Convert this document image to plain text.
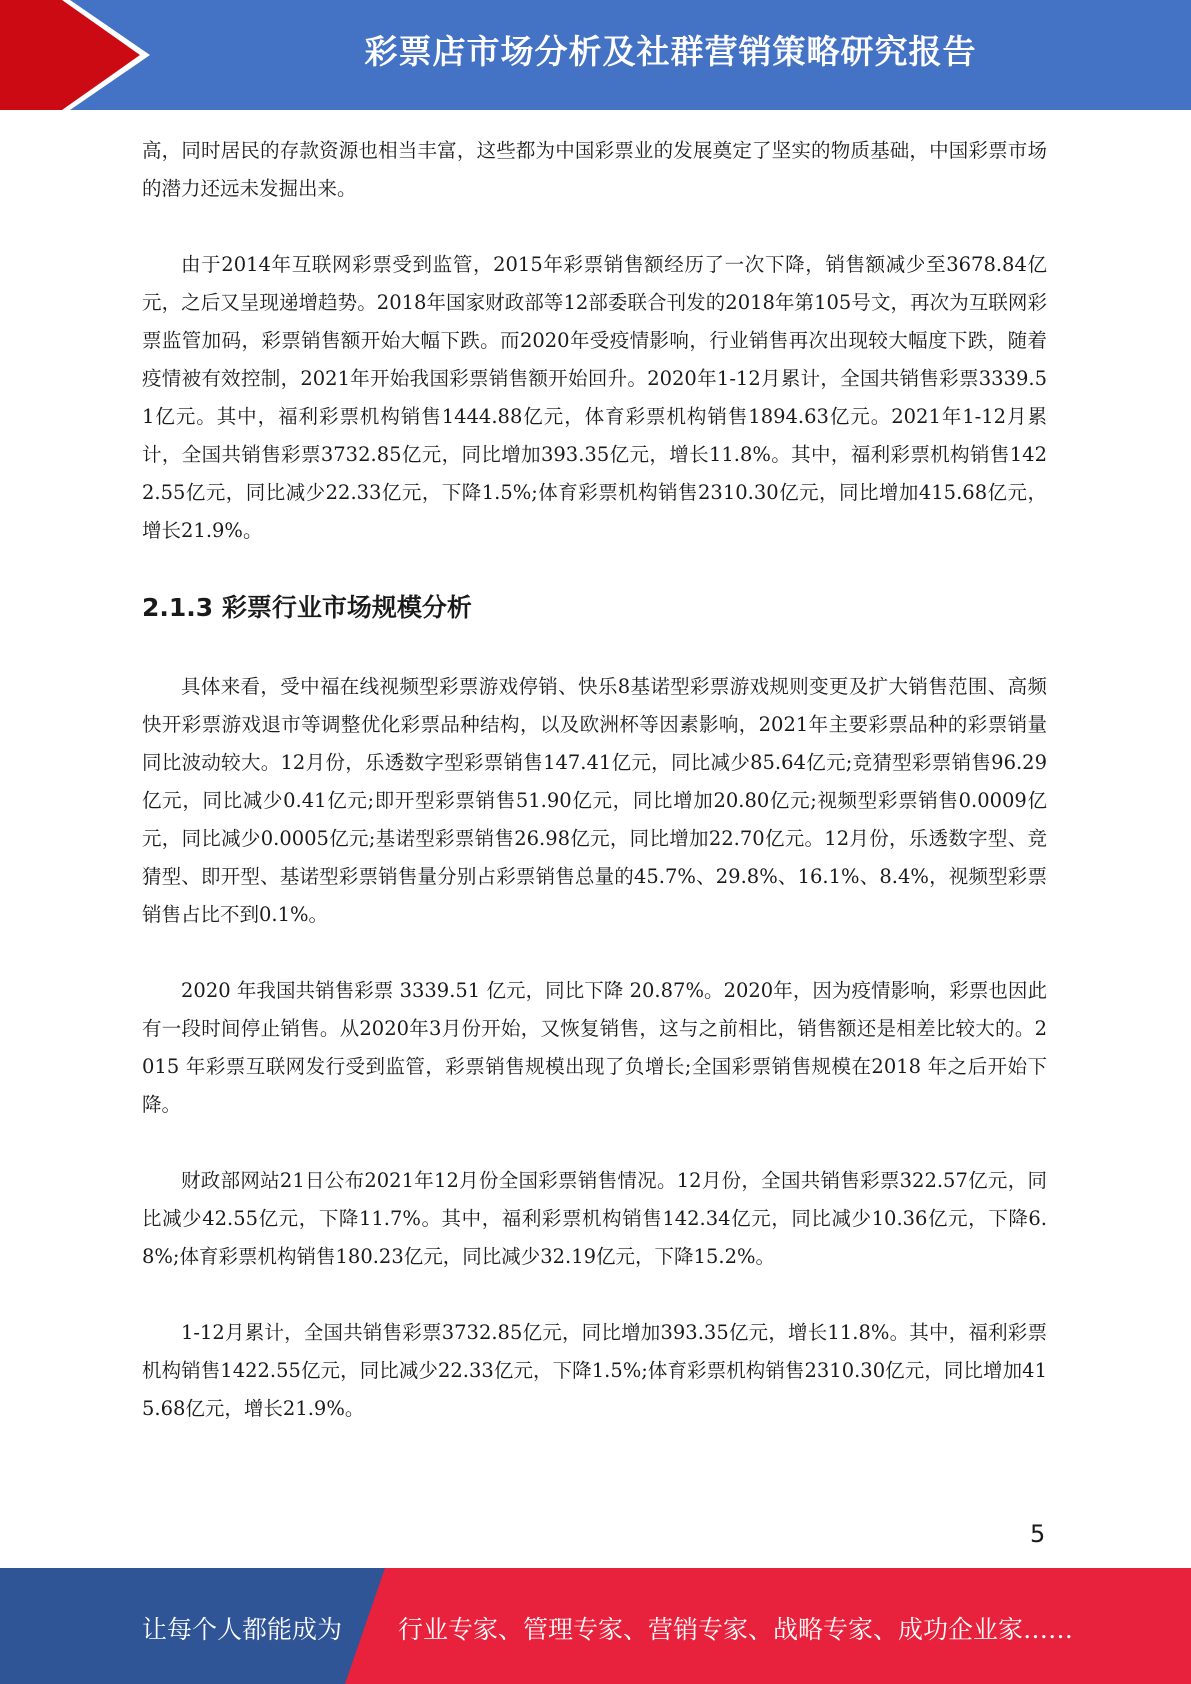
彩票店市场分析及社群营销策略研究报告

高，同时居民的存款资源也相当丰富，这些都为中国彩票业的发展奠定了坚实的物质基础，中国彩票市场的潜力还远未发掘出来。

由于2014年互联网彩票受到监管，2015年彩票销售额经历了一次下降，销售额减少至3678.84亿元，之后又呈现递增趋势。2018年国家财政部等12部委联合刊发的2018年第105号文，再次为互联网彩票监管加码，彩票销售额开始大幅下跌。而2020年受疫情影响，行业销售再次出现较大幅度下跌，随着疫情被有效控制，2021年开始我国彩票销售额开始回升。2020年1-12月累计，全国共销售彩票3339.51亿元。其中，福利彩票机构销售1444.88亿元，体育彩票机构销售1894.63亿元。2021年1-12月累计，全国共销售彩票3732.85亿元，同比增加393.35亿元，增长11.8%。其中，福利彩票机构销售1422.55亿元，同比减少22.33亿元，下降1.5%;体育彩票机构销售2310.30亿元，同比增加415.68亿元，增长21.9%。

2.1.3 彩票行业市场规模分析

具体来看，受中福在线视频型彩票游戏停销、快乐8基诺型彩票游戏规则变更及扩大销售范围、高频快开彩票游戏退市等调整优化彩票品种结构，以及欧洲杯等因素影响，2021年主要彩票品种的彩票销量同比波动较大。12月份，乐透数字型彩票销售147.41亿元，同比减少85.64亿元;竞猜型彩票销售96.29亿元，同比减少0.41亿元;即开型彩票销售51.90亿元，同比增加20.80亿元;视频型彩票销售0.0009亿元，同比减少0.0005亿元;基诺型彩票销售26.98亿元，同比增加22.70亿元。12月份，乐透数字型、竞猜型、即开型、基诺型彩票销售量分别占彩票销售总量的45.7%、29.8%、16.1%、8.4%，视频型彩票销售占比不到0.1%。

2020 年我国共销售彩票 3339.51 亿元，同比下降 20.87%。2020年，因为疫情影响，彩票也因此有一段时间停止销售。从2020年3月份开始，又恢复销售，这与之前相比，销售额还是相差比较大的。2015 年彩票互联网发行受到监管，彩票销售规模出现了负增长;全国彩票销售规模在2018 年之后开始下降。

财政部网站21日公布2021年12月份全国彩票销售情况。12月份，全国共销售彩票322.57亿元，同比减少42.55亿元，下降11.7%。其中，福利彩票机构销售142.34亿元，同比减少10.36亿元，下降6.8%;体育彩票机构销售180.23亿元，同比减少32.19亿元，下降15.2%。

1-12月累计，全国共销售彩票3732.85亿元，同比增加393.35亿元，增长11.8%。其中，福利彩票机构销售1422.55亿元，同比减少22.33亿元，下降1.5%;体育彩票机构销售2310.30亿元，同比增加415.68亿元，增长21.9%。

5
让每个人都能成为 行业专家、管理专家、营销专家、战略专家、成功企业家……
